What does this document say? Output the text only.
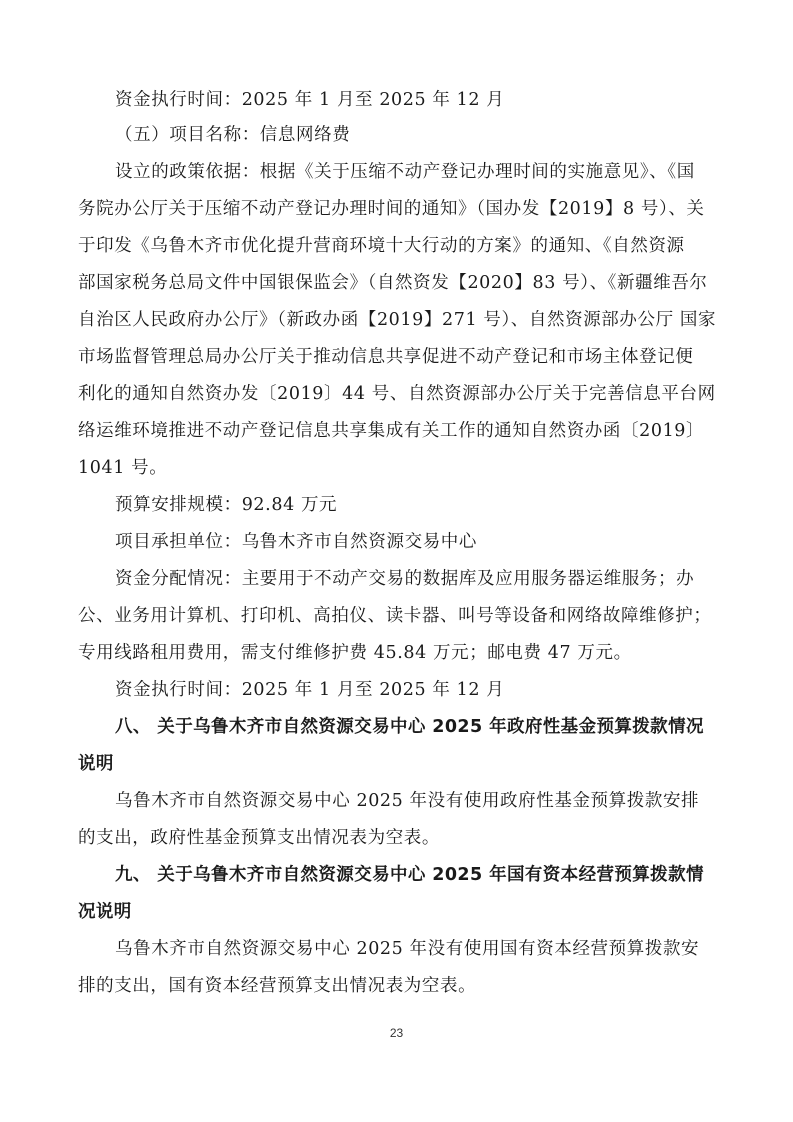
资金执行时间：2025 年 1 月至 2025 年 12 月
（五）项目名称：信息网络费
设立的政策依据：根据《关于压缩不动产登记办理时间的实施意见》、《国
务院办公厅关于压缩不动产登记办理时间的通知》（国办发【2019】8 号）、关
于印发《乌鲁木齐市优化提升营商环境十大行动的方案》的通知、《自然资源
部国家税务总局文件中国银保监会》（自然资发【2020】83 号）、《新疆维吾尔
自治区人民政府办公厅》（新政办函【2019】271 号）、自然资源部办公厅 国家
市场监督管理总局办公厅关于推动信息共享促进不动产登记和市场主体登记便
利化的通知自然资办发〔2019〕44 号、自然资源部办公厅关于完善信息平台网
络运维环境推进不动产登记信息共享集成有关工作的通知自然资办函〔2019〕
1041 号。
预算安排规模：92.84 万元
项目承担单位：乌鲁木齐市自然资源交易中心
资金分配情况：主要用于不动产交易的数据库及应用服务器运维服务；办
公、业务用计算机、打印机、高拍仪、读卡器、叫号等设备和网络故障维修护；
专用线路租用费用，需支付维修护费 45.84 万元；邮电费 47 万元。
资金执行时间：2025 年 1 月至 2025 年 12 月
八、 关于乌鲁木齐市自然资源交易中心 2025 年政府性基金预算拨款情况
说明
乌鲁木齐市自然资源交易中心 2025 年没有使用政府性基金预算拨款安排
的支出，政府性基金预算支出情况表为空表。
九、 关于乌鲁木齐市自然资源交易中心 2025 年国有资本经营预算拨款情
况说明
乌鲁木齐市自然资源交易中心 2025 年没有使用国有资本经营预算拨款安
排的支出，国有资本经营预算支出情况表为空表。
23
